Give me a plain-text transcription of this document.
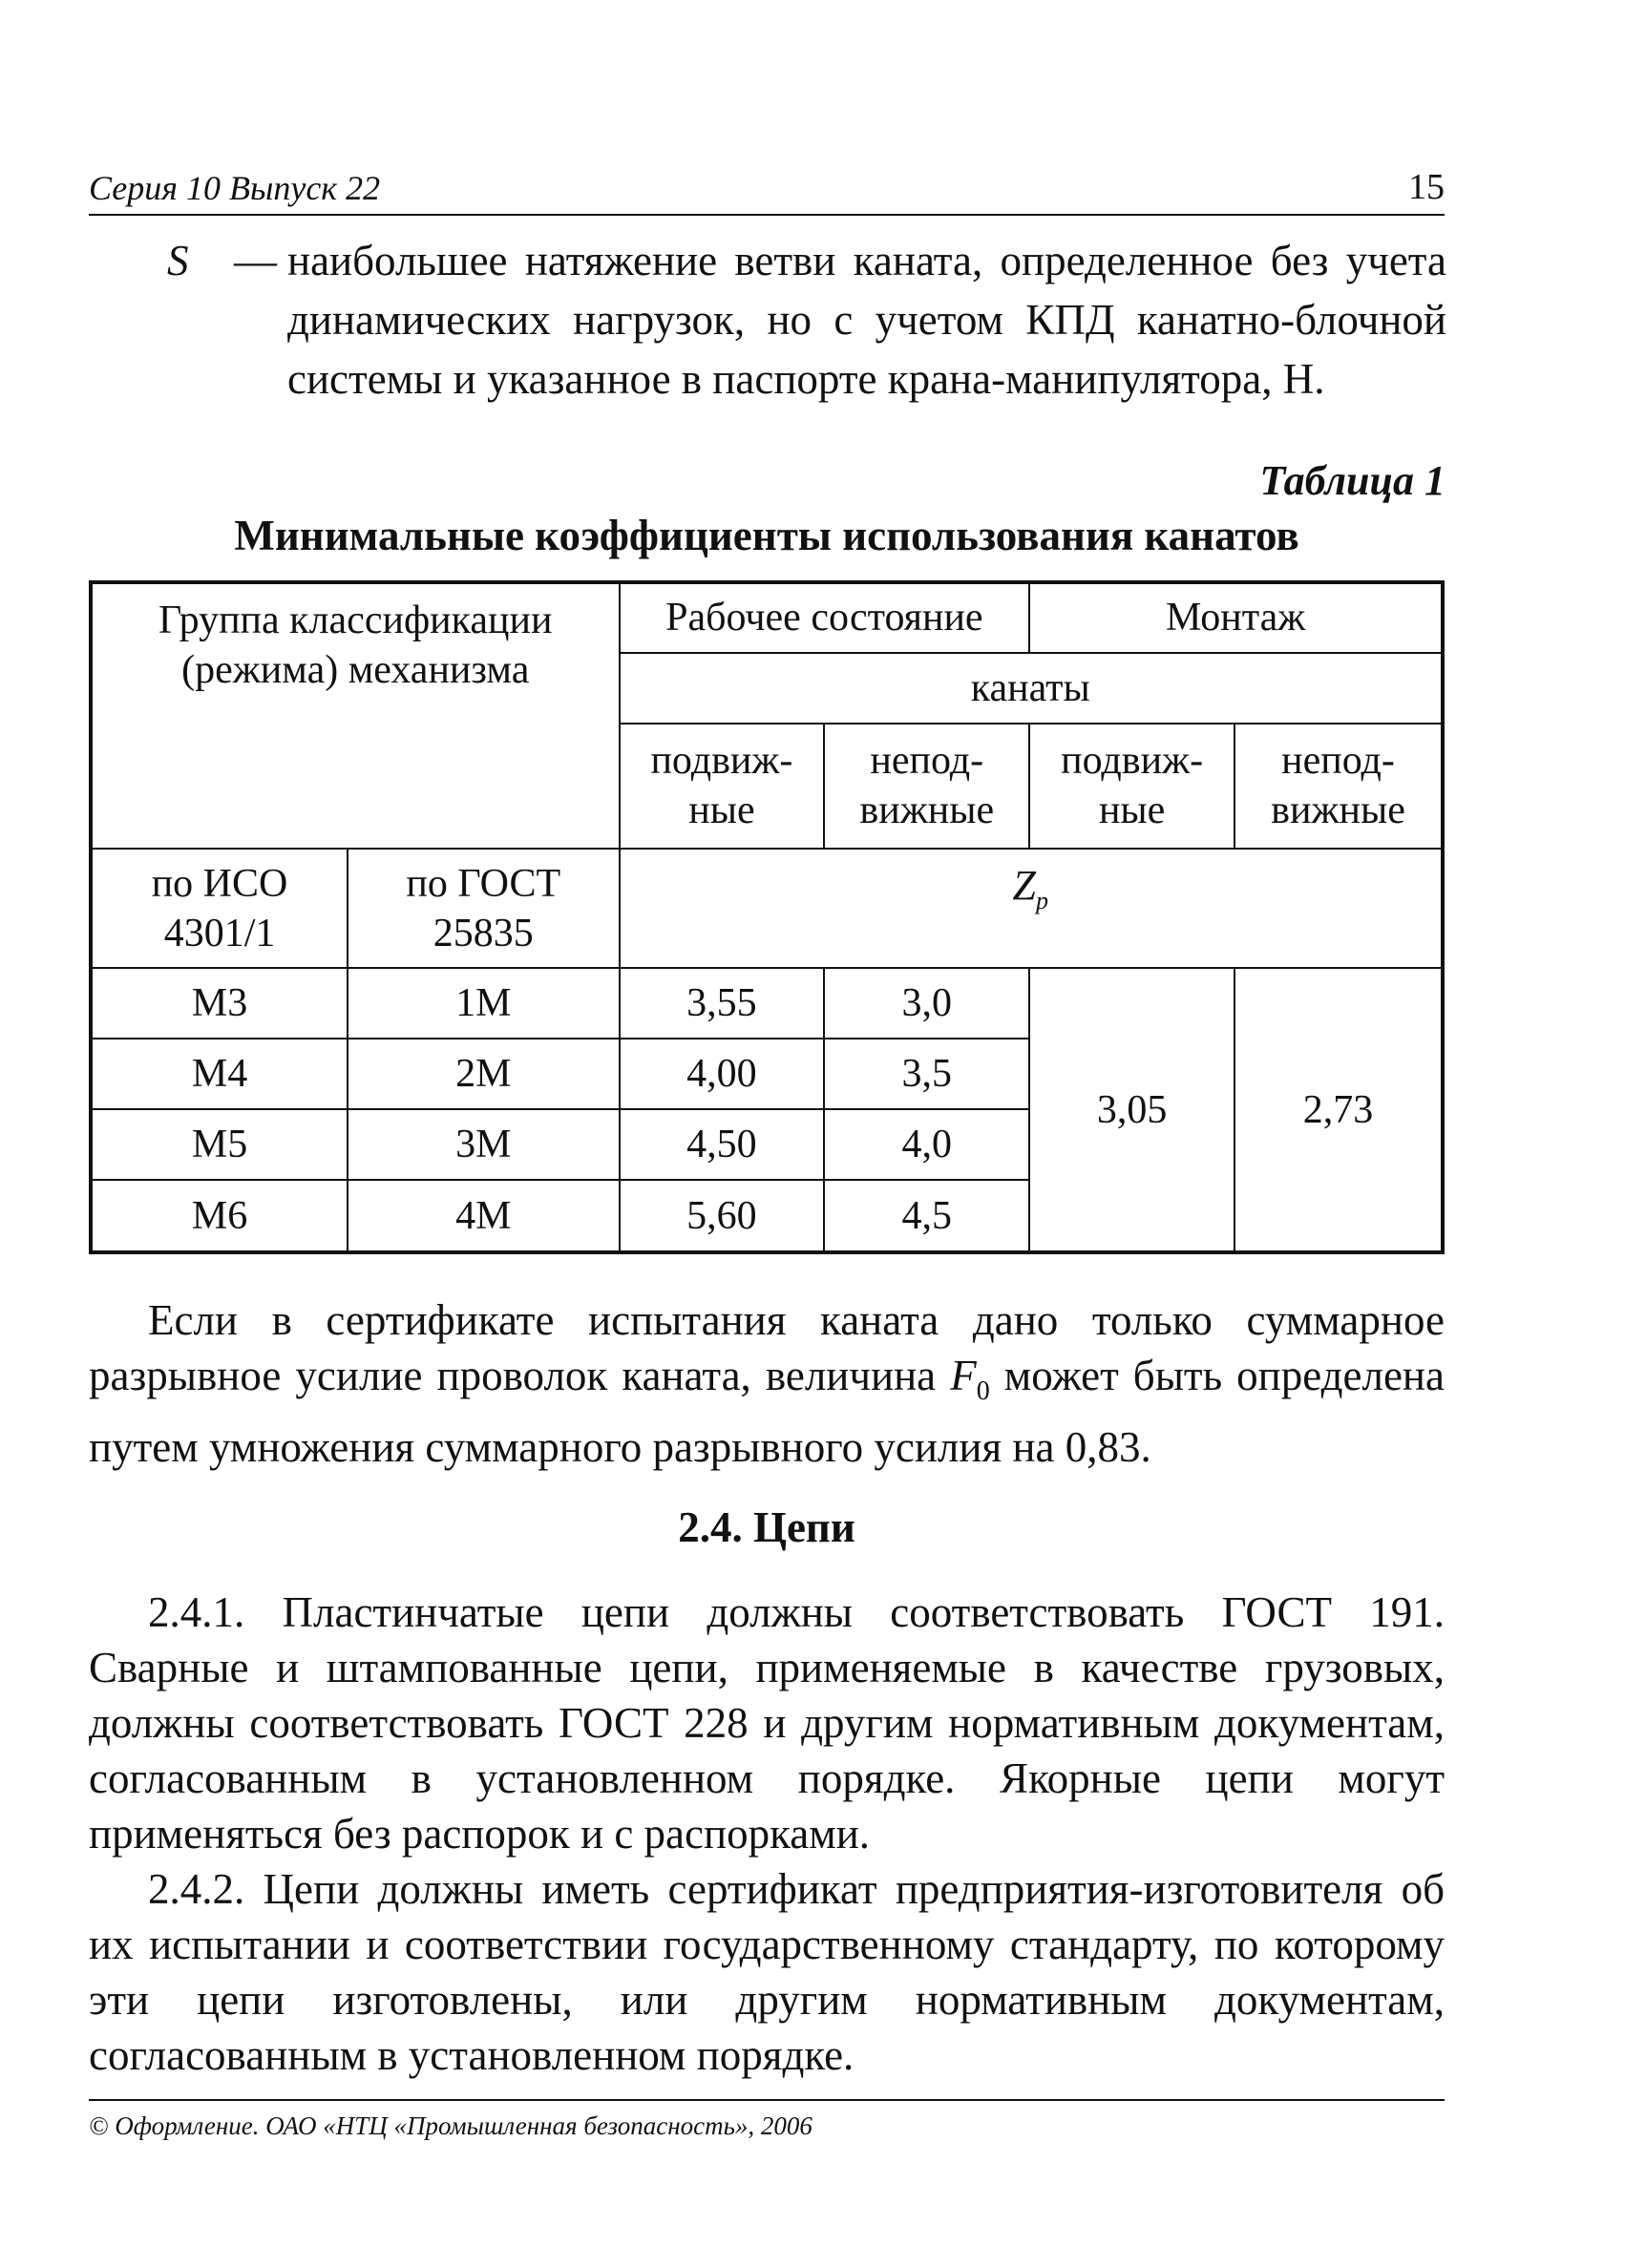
Серия 10 Выпуск 22	15
S — наибольшее натяжение ветви каната, определенное без учета динамических нагрузок, но с учетом КПД канатно-блочной системы и указанное в паспорте крана-манипулятора, Н.
Таблица 1
Минимальные коэффициенты использования канатов
Группа классификации (режима) механизма		Рабочее состояние		Монтаж	
		канаты			
		подвиж-ные	непод-вижные	подвиж-ные	непод-вижные
по ИСО 4301/1	по ГОСТ 25835	$Z_p$
M3	1M	3,55	3,0	3,05	2,73
M4	2M	4,00	3,5		
M5	3M	4,50	4,0		
M6	4M	5,60	4,5		

Если в сертификате испытания каната дано только суммарное разрывное усилие проволок каната, величина $F_0$ может быть определена путем умножения суммарного разрывного усилия на 0,83.

2.4. Цепи

2.4.1. Пластинчатые цепи должны соответствовать ГОСТ 191. Сварные и штампованные цепи, применяемые в качестве грузовых, должны соответствовать ГОСТ 228 и другим нормативным документам, согласованным в установленном порядке. Якорные цепи могут применяться без распорок и с распорками.

2.4.2. Цепи должны иметь сертификат предприятия-изготовителя об их испытании и соответствии государственному стандарту, по которому эти цепи изготовлены, или другим нормативным документам, согласованным в установленном порядке.

© Оформление. ОАО «НТЦ «Промышленная безопасность», 2006
